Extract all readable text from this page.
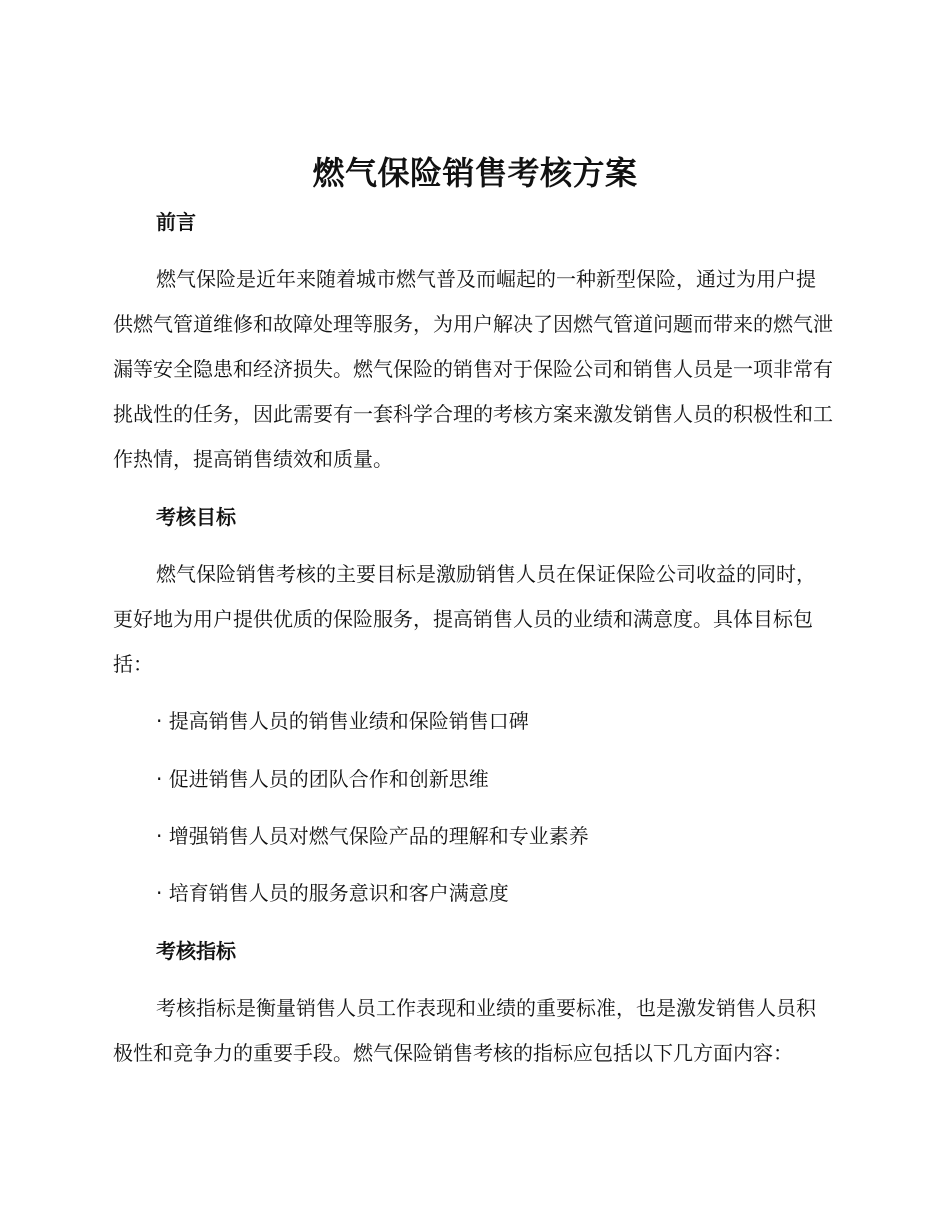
燃气保险销售考核方案
前言

燃气保险是近年来随着城市燃气普及而崛起的一种新型保险，通过为用户提供燃气管道维修和故障处理等服务，为用户解决了因燃气管道问题而带来的燃气泄漏等安全隐患和经济损失。燃气保险的销售对于保险公司和销售人员是一项非常有挑战性的任务，因此需要有一套科学合理的考核方案来激发销售人员的积极性和工作热情，提高销售绩效和质量。

考核目标

燃气保险销售考核的主要目标是激励销售人员在保证保险公司收益的同时，更好地为用户提供优质的保险服务，提高销售人员的业绩和满意度。具体目标包括：

· 提高销售人员的销售业绩和保险销售口碑
· 促进销售人员的团队合作和创新思维
· 增强销售人员对燃气保险产品的理解和专业素养
· 培育销售人员的服务意识和客户满意度
考核指标

考核指标是衡量销售人员工作表现和业绩的重要标准，也是激发销售人员积极性和竞争力的重要手段。燃气保险销售考核的指标应包括以下几方面内容：
